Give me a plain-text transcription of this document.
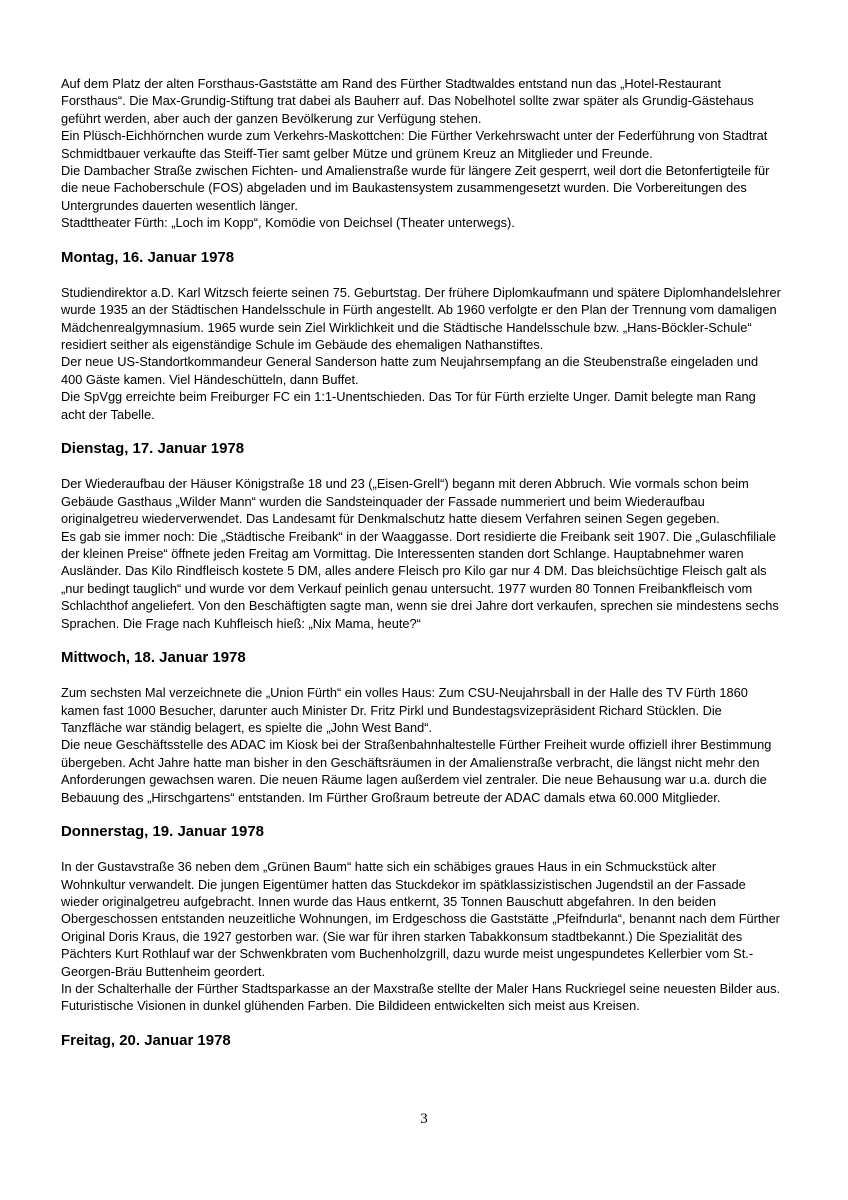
Auf dem Platz der alten Forsthaus-Gaststätte am Rand des Fürther Stadtwaldes entstand nun das „Hotel-Restaurant Forsthaus“. Die Max-Grundig-Stiftung trat dabei als Bauherr auf. Das Nobelhotel sollte zwar später als Grundig-Gästehaus geführt werden, aber auch der ganzen Bevölkerung zur Verfügung stehen.

Ein Plüsch-Eichhörnchen wurde zum Verkehrs-Maskottchen: Die Fürther Verkehrswacht unter der Federführung von Stadtrat Schmidtbauer verkaufte das Steiff-Tier samt gelber Mütze und grünem Kreuz an Mitglieder und Freunde.

Die Dambacher Straße zwischen Fichten- und Amalienstraße wurde für längere Zeit gesperrt, weil dort die Betonfertigteile für die neue Fachoberschule (FOS) abgeladen und im Baukastensystem zusammengesetzt wurden. Die Vorbereitungen des Untergrundes dauerten wesentlich länger.

Stadttheater Fürth: „Loch im Kopp“, Komödie von Deichsel (Theater unterwegs).

Montag, 16. Januar 1978

Studiendirektor a.D. Karl Witzsch feierte seinen 75. Geburtstag. Der frühere Diplomkaufmann und spätere Diplomhandelslehrer wurde 1935 an der Städtischen Handelsschule in Fürth angestellt. Ab 1960 verfolgte er den Plan der Trennung vom damaligen Mädchenrealgymnasium. 1965 wurde sein Ziel Wirklichkeit und die Städtische Handelsschule bzw. „Hans-Böckler-Schule“ residiert seither als eigenständige Schule im Gebäude des ehemaligen Nathanstiftes.

Der neue US-Standortkommandeur General Sanderson hatte zum Neujahrsempfang an die Steubenstraße eingeladen und 400 Gäste kamen. Viel Händeschütteln, dann Buffet.

Die SpVgg erreichte beim Freiburger FC ein 1:1-Unentschieden. Das Tor für Fürth erzielte Unger. Damit belegte man Rang acht der Tabelle.

Dienstag, 17. Januar 1978

Der Wiederaufbau der Häuser Königstraße 18 und 23 („Eisen-Grell“) begann mit deren Abbruch. Wie vormals schon beim Gebäude Gasthaus „Wilder Mann“ wurden die Sandsteinquader der Fassade nummeriert und beim Wiederaufbau originalgetreu wiederverwendet. Das Landesamt für Denkmalschutz hatte diesem Verfahren seinen Segen gegeben.

Es gab sie immer noch: Die „Städtische Freibank“ in der Waaggasse. Dort residierte die Freibank seit 1907. Die „Gulaschfiliale der kleinen Preise“ öffnete jeden Freitag am Vormittag. Die Interessenten standen dort Schlange. Hauptabnehmer waren Ausländer. Das Kilo Rindfleisch kostete 5 DM, alles andere Fleisch pro Kilo gar nur 4 DM. Das bleichsüchtige Fleisch galt als „nur bedingt tauglich“ und wurde vor dem Verkauf peinlich genau untersucht. 1977 wurden 80 Tonnen Freibankfleisch vom Schlachthof angeliefert. Von den Beschäftigten sagte man, wenn sie drei Jahre dort verkaufen, sprechen sie mindestens sechs Sprachen. Die Frage nach Kuhfleisch hieß: „Nix Mama, heute?“

Mittwoch, 18. Januar 1978

Zum sechsten Mal verzeichnete die „Union Fürth“ ein volles Haus: Zum CSU-Neujahrsball in der Halle des TV Fürth 1860 kamen fast 1000 Besucher, darunter auch Minister Dr. Fritz Pirkl und Bundestagsvizepräsident Richard Stücklen. Die Tanzfläche war ständig belagert, es spielte die „John West Band“.

Die neue Geschäftsstelle des ADAC im Kiosk bei der Straßenbahnhaltestelle Fürther Freiheit wurde offiziell ihrer Bestimmung übergeben. Acht Jahre hatte man bisher in den Geschäftsräumen in der Amalienstraße verbracht, die längst nicht mehr den Anforderungen gewachsen waren. Die neuen Räume lagen außerdem viel zentraler. Die neue Behausung war u.a. durch die Bebauung des „Hirschgartens“ entstanden. Im Fürther Großraum betreute der ADAC damals etwa 60.000 Mitglieder.

Donnerstag, 19. Januar 1978

In der Gustavstraße 36 neben dem „Grünen Baum“ hatte sich ein schäbiges graues Haus in ein Schmuckstück alter Wohnkultur verwandelt. Die jungen Eigentümer hatten das Stuckdekor im spätklassizistischen Jugendstil an der Fassade wieder originalgetreu aufgebracht. Innen wurde das Haus entkernt, 35 Tonnen Bauschutt abgefahren. In den beiden Obergeschossen entstanden neuzeitliche Wohnungen, im Erdgeschoss die Gaststätte „Pfeifndurla“, benannt nach dem Fürther Original Doris Kraus, die 1927 gestorben war. (Sie war für ihren starken Tabakkonsum stadtbekannt.) Die Spezialität des Pächters Kurt Rothlauf war der Schwenkbraten vom Buchenholzgrill, dazu wurde meist ungespundetes Kellerbier vom St.-Georgen-Bräu Buttenheim geordert.

In der Schalterhalle der Fürther Stadtsparkasse an der Maxstraße stellte der Maler Hans Ruckriegel seine neuesten Bilder aus. Futuristische Visionen in dunkel glühenden Farben. Die Bildideen entwickelten sich meist aus Kreisen.

Freitag, 20. Januar 1978
3
